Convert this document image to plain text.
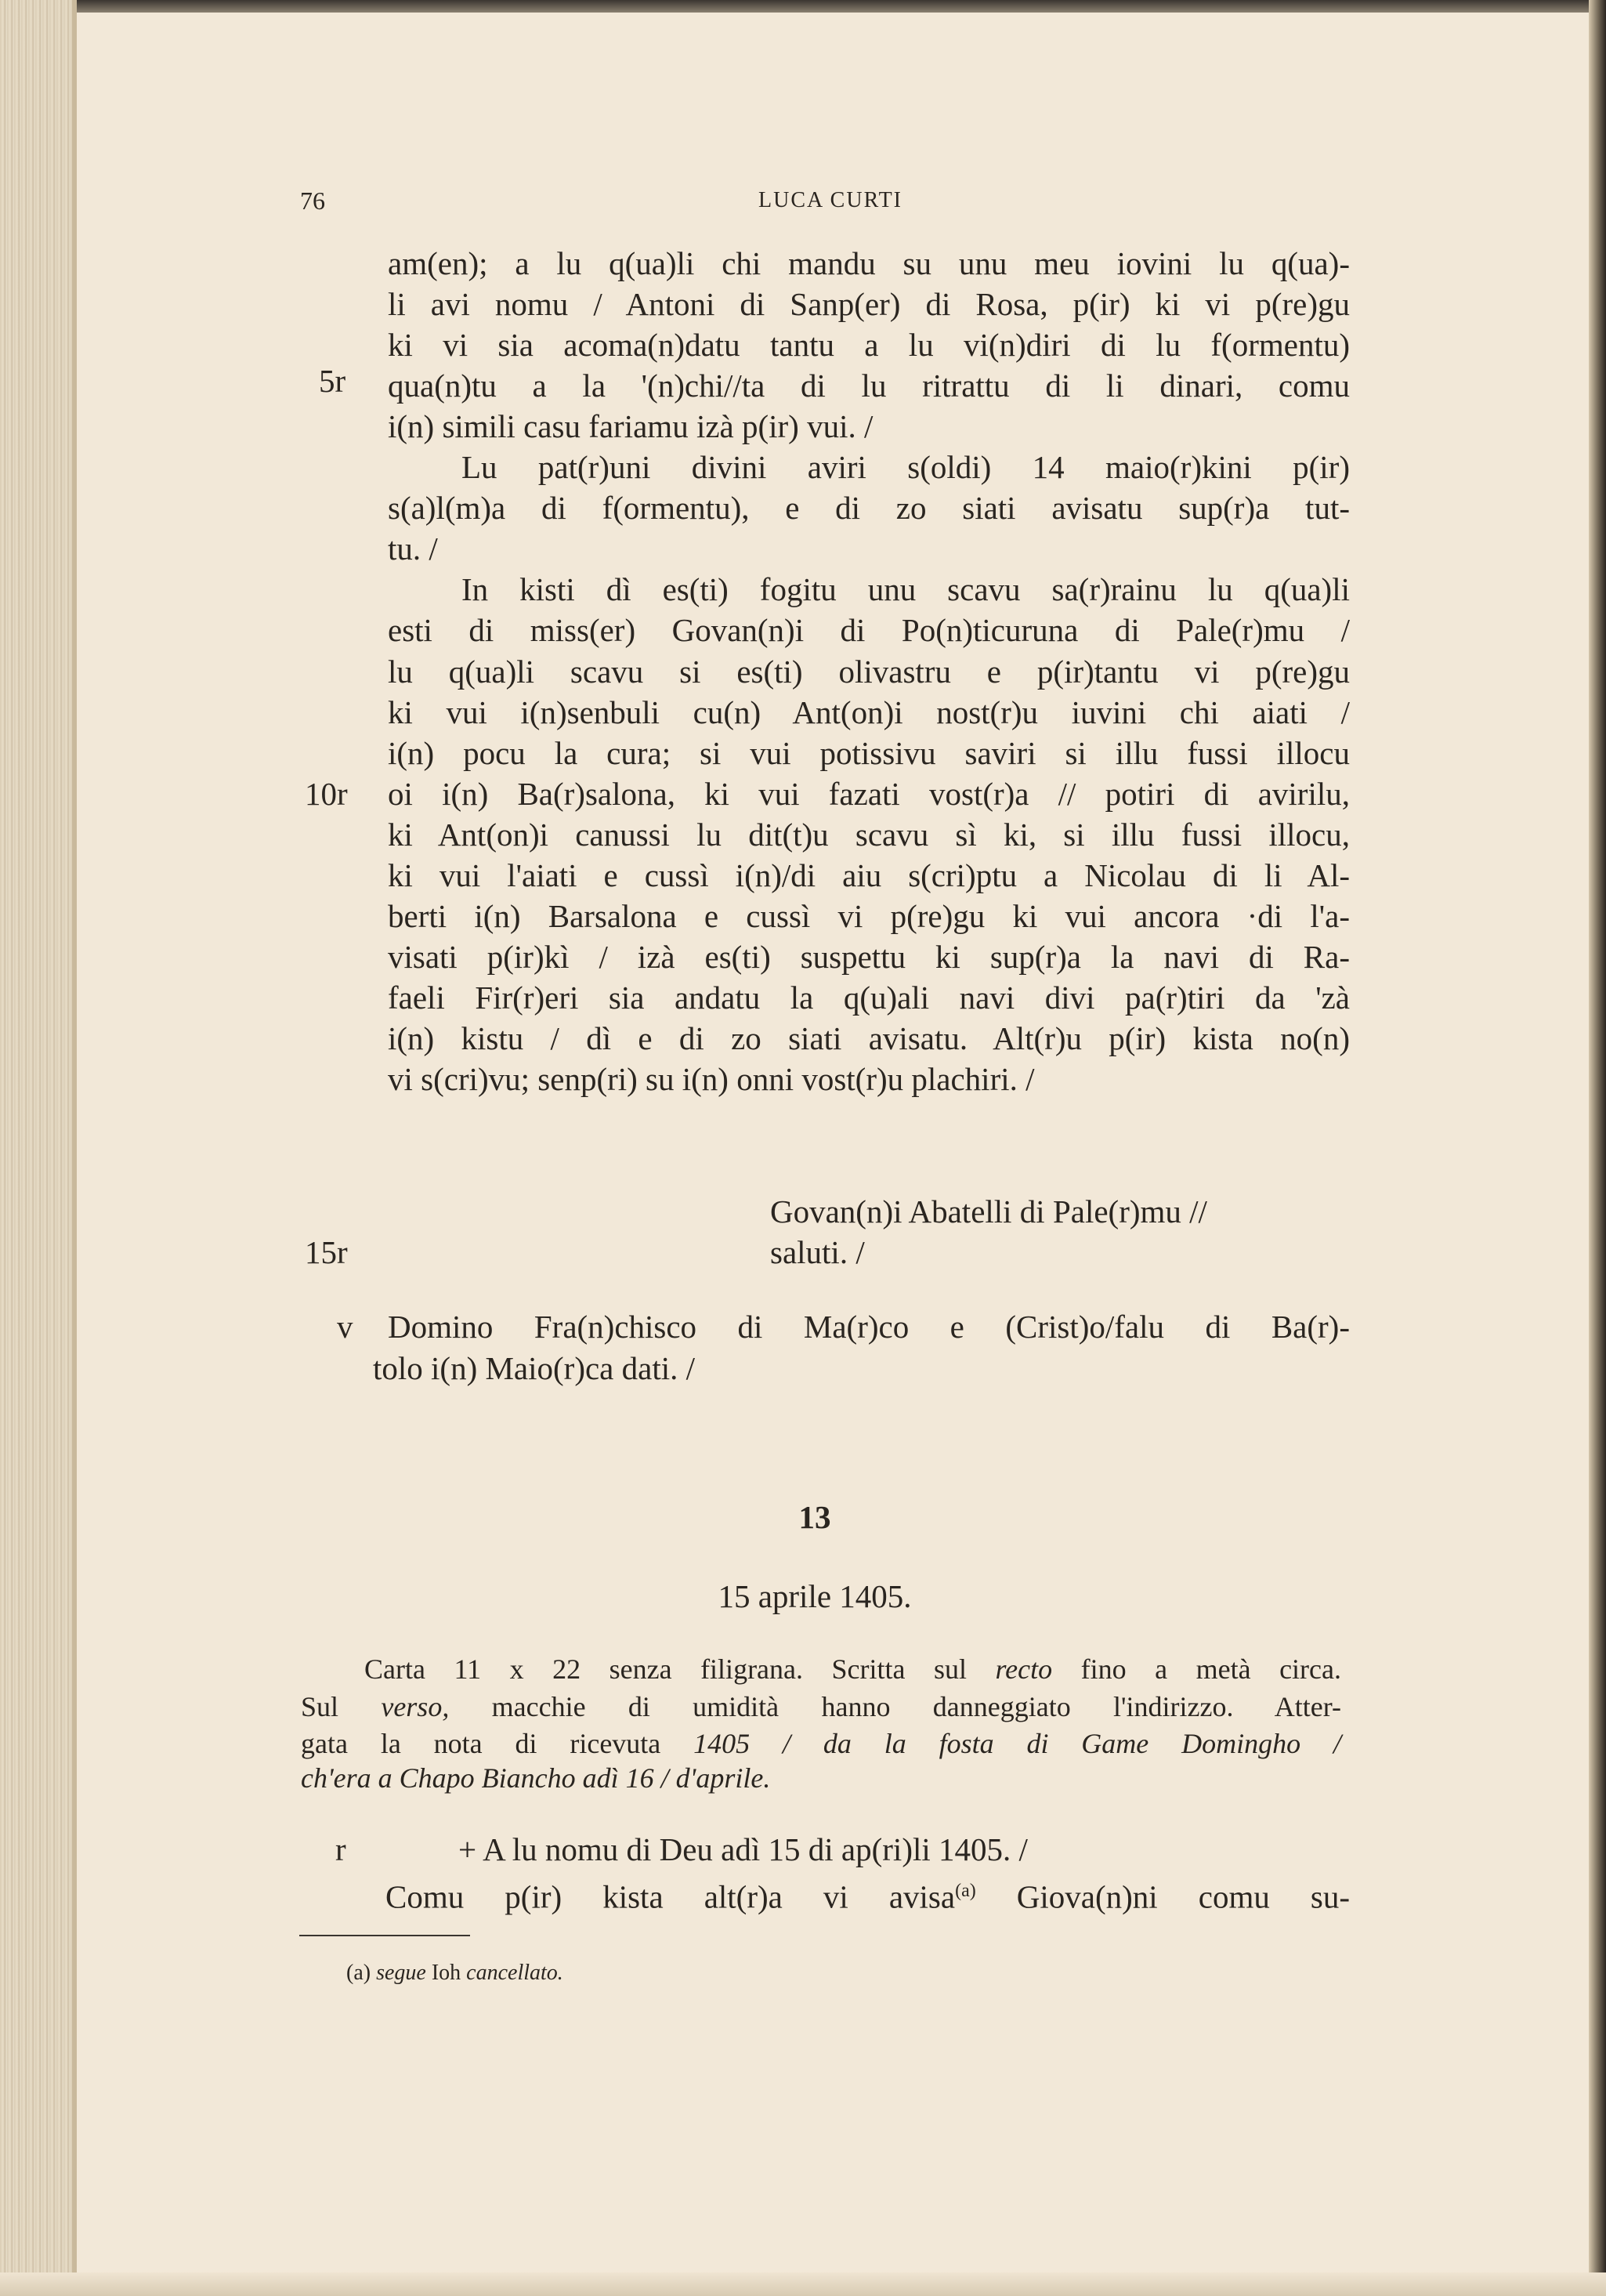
76	LUCA CURTI
am(en); a lu q(ua)li chi mandu su unu meu iovini lu q(ua)-
li avi nomu / Antoni di Sanp(er) di Rosa, p(ir) ki vi p(re)gu
ki vi sia acoma(n)datu tantu a lu vi(n)diri di lu f(ormentu)
qua(n)tu a la '(n)chi//ta di lu ritrattu di li dinari, comu
i(n) simili casu fariamu izà p(ir) vui. /
Lu pat(r)uni divini aviri s(oldi) 14 maio(r)kini p(ir)
s(a)l(m)a di f(ormentu), e di zo siati avisatu sup(r)a tut-
tu. /
In kisti dì es(ti) fogitu unu scavu sa(r)rainu lu q(ua)li
esti di miss(er) Govan(n)i di Po(n)ticuruna di Pale(r)mu /
lu q(ua)li scavu si es(ti) olivastru e p(ir)tantu vi p(re)gu
ki vui i(n)senbuli cu(n) Ant(on)i nost(r)u iuvini chi aiati /
i(n) pocu la cura; si vui potissivu saviri si illu fussi illocu
oi i(n) Ba(r)salona, ki vui fazati vost(r)a // potiri di avirilu,
ki Ant(on)i canussi lu dit(t)u scavu sì ki, si illu fussi illocu,
ki vui l'aiati e cussì i(n)/di aiu s(cri)ptu a Nicolau di li Al-
berti i(n) Barsalona e cussì vi p(re)gu ki vui ancora ·di l'a-
visati p(ir)kì / izà es(ti) suspettu ki sup(r)a la navi di Ra-
faeli Fir(r)eri sia andatu la q(u)ali navi divi pa(r)tiri da 'zà
i(n) kistu / dì e di zo siati avisatu. Alt(r)u p(ir) kista no(n)
vi s(cri)vu; senp(ri) su i(n) onni vost(r)u plachiri. /
5r
10r
15r
Govan(n)i Abatelli di Pale(r)mu //
saluti. /
v Domino Fra(n)chisco di Ma(r)co e (Crist)o/falu di Ba(r)-
tolo i(n) Maio(r)ca dati. /
13
15 aprile 1405.
Carta 11 x 22 senza filigrana. Scritta sul recto fino a metà circa.
Sul verso, macchie di umidità hanno danneggiato l'indirizzo. Atter-
gata la nota di ricevuta 1405 / da la fosta di Game Domingho /
ch'era a Chapo Biancho adì 16 / d'aprile.
r	+ A lu nomu di Deu adì 15 di ap(ri)li 1405. /
Comu p(ir) kista alt(r)a vi avisa$^{(a)}$ Giova(n)ni comu su-
(a) segue Ioh cancellato.
